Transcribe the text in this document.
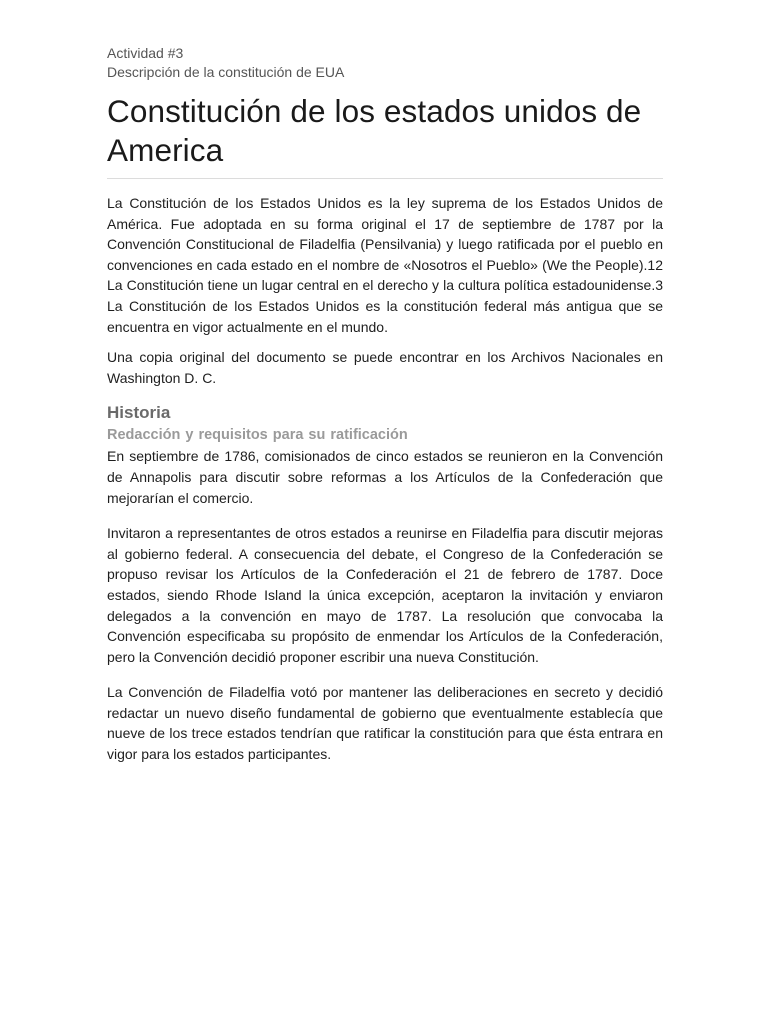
Actividad #3

Descripción de la constitución de EUA

Constitución de los estados unidos de America

La Constitución de los Estados Unidos es la ley suprema de los Estados Unidos de América. Fue adoptada en su forma original el 17 de septiembre de 1787 por la Convención Constitucional de Filadelfia (Pensilvania) y luego ratificada por el pueblo en convenciones en cada estado en el nombre de «Nosotros el Pueblo» (We the People).12 La Constitución tiene un lugar central en el derecho y la cultura política estadounidense.3 La Constitución de los Estados Unidos es la constitución federal más antigua que se encuentra en vigor actualmente en el mundo.

Una copia original del documento se puede encontrar en los Archivos Nacionales en Washington D. C.

Historia
Redacción y requisitos para su ratificación

En septiembre de 1786, comisionados de cinco estados se reunieron en la Convención de Annapolis para discutir sobre reformas a los Artículos de la Confederación que mejorarían el comercio.

Invitaron a representantes de otros estados a reunirse en Filadelfia para discutir mejoras al gobierno federal. A consecuencia del debate, el Congreso de la Confederación se propuso revisar los Artículos de la Confederación el 21 de febrero de 1787. Doce estados, siendo Rhode Island la única excepción, aceptaron la invitación y enviaron delegados a la convención en mayo de 1787. La resolución que convocaba la Convención especificaba su propósito de enmendar los Artículos de la Confederación, pero la Convención decidió proponer escribir una nueva Constitución.

La Convención de Filadelfia votó por mantener las deliberaciones en secreto y decidió redactar un nuevo diseño fundamental de gobierno que eventualmente establecía que nueve de los trece estados tendrían que ratificar la constitución para que ésta entrara en vigor para los estados participantes.
